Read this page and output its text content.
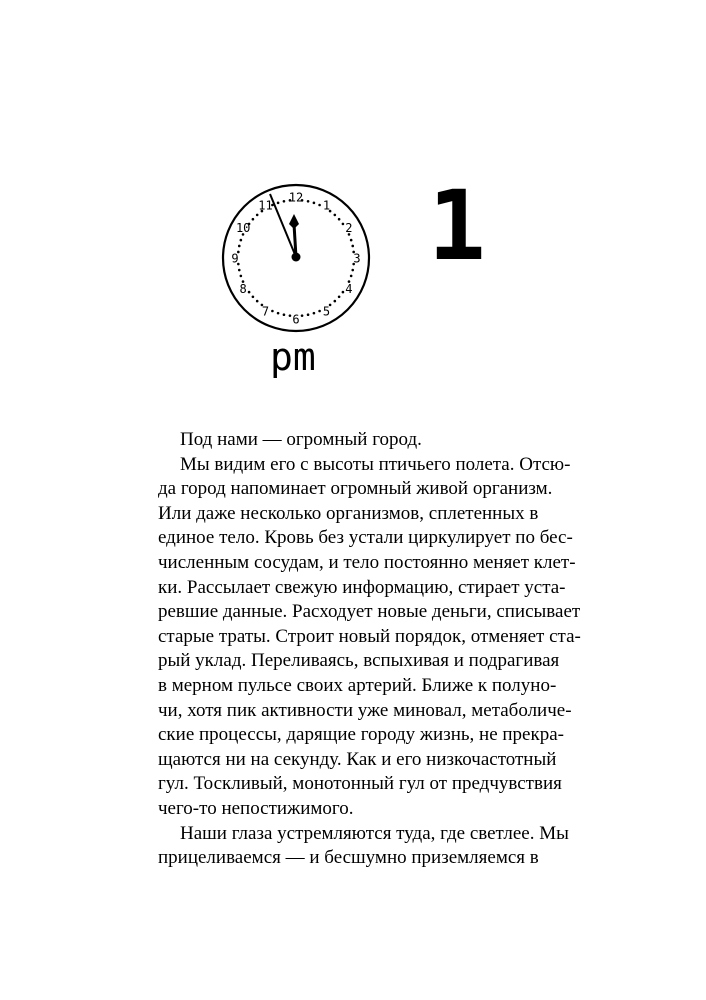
12
1
2
3
4
5
6
7
8
9
10
11 1
pm
Под нами — огромный город.
Мы видим его с высоты птичьего полета. Отсю-
да город напоминает огромный живой организм.
Или даже несколько организмов, сплетенных в
единое тело. Кровь без устали циркулирует по бес-
численным сосудам, и тело постоянно меняет клет-
ки. Рассылает свежую информацию, стирает уста-
ревшие данные. Расходует новые деньги, списывает
старые траты. Строит новый порядок, отменяет ста-
рый уклад. Переливаясь, вспыхивая и подрагивая
в мерном пульсе своих артерий. Ближе к полуно-
чи, хотя пик активности уже миновал, метаболиче-
ские процессы, дарящие городу жизнь, не прекра-
щаются ни на секунду. Как и его низкочастотный
гул. Тоскливый, монотонный гул от предчувствия
чего-то непостижимого.
Наши глаза устремляются туда, где светлее. Мы
прицеливаемся — и бесшумно приземляемся в
